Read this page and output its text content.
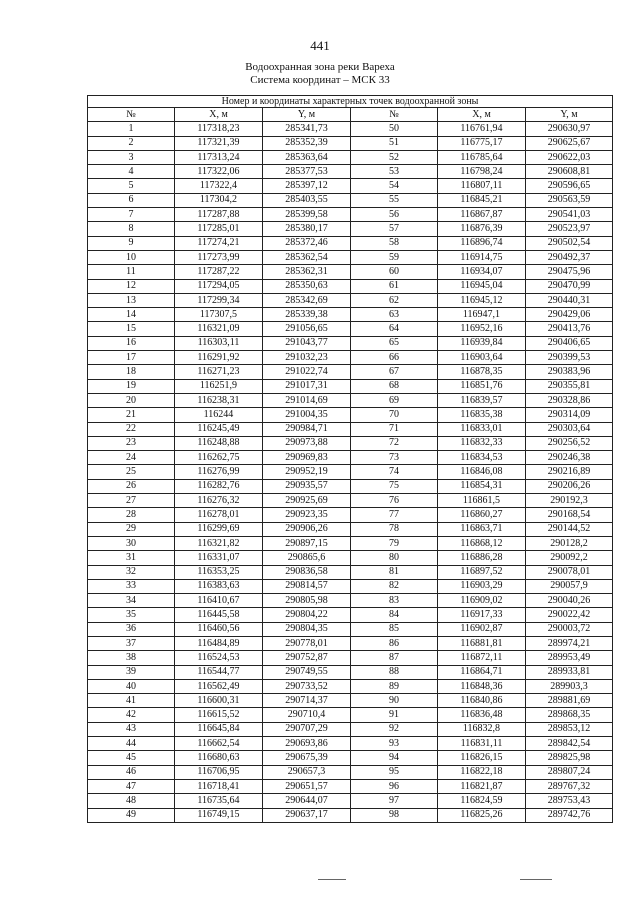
441
Водоохранная зона реки Вареха
Система координат – МСК 33
Номер и координаты характерных точек водоохранной зоны					
№	X, м	Y, м	№	X, м	Y, м
1	117318,23	285341,73	50	116761,94	290630,97
2	117321,39	285352,39	51	116775,17	290625,67
3	117313,24	285363,64	52	116785,64	290622,03
4	117322,06	285377,53	53	116798,24	290608,81
5	117322,4	285397,12	54	116807,11	290596,65
6	117304,2	285403,55	55	116845,21	290563,59
7	117287,88	285399,58	56	116867,87	290541,03
8	117285,01	285380,17	57	116876,39	290523,97
9	117274,21	285372,46	58	116896,74	290502,54
10	117273,99	285362,54	59	116914,75	290492,37
11	117287,22	285362,31	60	116934,07	290475,96
12	117294,05	285350,63	61	116945,04	290470,99
13	117299,34	285342,69	62	116945,12	290440,31
14	117307,5	285339,38	63	116947,1	290429,06
15	116321,09	291056,65	64	116952,16	290413,76
16	116303,11	291043,77	65	116939,84	290406,65
17	116291,92	291032,23	66	116903,64	290399,53
18	116271,23	291022,74	67	116878,35	290383,96
19	116251,9	291017,31	68	116851,76	290355,81
20	116238,31	291014,69	69	116839,57	290328,86
21	116244	291004,35	70	116835,38	290314,09
22	116245,49	290984,71	71	116833,01	290303,64
23	116248,88	290973,88	72	116832,33	290256,52
24	116262,75	290969,83	73	116834,53	290246,38
25	116276,99	290952,19	74	116846,08	290216,89
26	116282,76	290935,57	75	116854,31	290206,26
27	116276,32	290925,69	76	116861,5	290192,3
28	116278,01	290923,35	77	116860,27	290168,54
29	116299,69	290906,26	78	116863,71	290144,52
30	116321,82	290897,15	79	116868,12	290128,2
31	116331,07	290865,6	80	116886,28	290092,2
32	116353,25	290836,58	81	116897,52	290078,01
33	116383,63	290814,57	82	116903,29	290057,9
34	116410,67	290805,98	83	116909,02	290040,26
35	116445,58	290804,22	84	116917,33	290022,42
36	116460,56	290804,35	85	116902,87	290003,72
37	116484,89	290778,01	86	116881,81	289974,21
38	116524,53	290752,87	87	116872,11	289953,49
39	116544,77	290749,55	88	116864,71	289933,81
40	116562,49	290733,52	89	116848,36	289903,3
41	116600,31	290714,37	90	116840,86	289881,69
42	116615,52	290710,4	91	116836,48	289868,35
43	116645,84	290707,29	92	116832,8	289853,12
44	116662,54	290693,86	93	116831,11	289842,54
45	116680,63	290675,39	94	116826,15	289825,98
46	116706,95	290657,3	95	116822,18	289807,24
47	116718,41	290651,57	96	116821,87	289767,32
48	116735,64	290644,07	97	116824,59	289753,43
49	116749,15	290637,17	98	116825,26	289742,76
